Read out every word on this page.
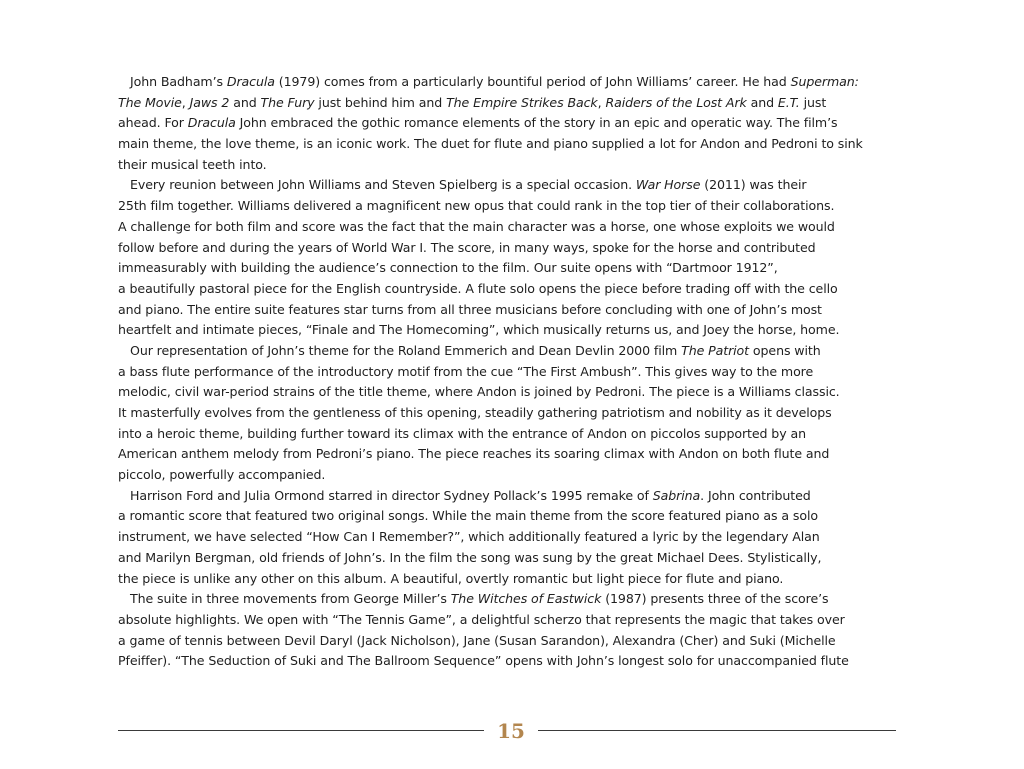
John Badham’s Dracula (1979) comes from a particularly bountiful period of John Williams’ career. He had Superman:
The Movie, Jaws 2 and The Fury just behind him and The Empire Strikes Back, Raiders of the Lost Ark and E.T. just
ahead. For Dracula John embraced the gothic romance elements of the story in an epic and operatic way. The film’s
main theme, the love theme, is an iconic work. The duet for flute and piano supplied a lot for Andon and Pedroni to sink
their musical teeth into.
Every reunion between John Williams and Steven Spielberg is a special occasion. War Horse (2011) was their
25th film together. Williams delivered a magnificent new opus that could rank in the top tier of their collaborations.
A challenge for both film and score was the fact that the main character was a horse, one whose exploits we would
follow before and during the years of World War I. The score, in many ways, spoke for the horse and contributed
immeasurably with building the audience’s connection to the film. Our suite opens with “Dartmoor 1912”,
a beautifully pastoral piece for the English countryside. A flute solo opens the piece before trading off with the cello
and piano. The entire suite features star turns from all three musicians before concluding with one of John’s most
heartfelt and intimate pieces, “Finale and The Homecoming”, which musically returns us, and Joey the horse, home.
Our representation of John’s theme for the Roland Emmerich and Dean Devlin 2000 film The Patriot opens with
a bass flute performance of the introductory motif from the cue “The First Ambush”. This gives way to the more
melodic, civil war-period strains of the title theme, where Andon is joined by Pedroni. The piece is a Williams classic.
It masterfully evolves from the gentleness of this opening, steadily gathering patriotism and nobility as it develops
into a heroic theme, building further toward its climax with the entrance of Andon on piccolos supported by an
American anthem melody from Pedroni’s piano. The piece reaches its soaring climax with Andon on both flute and
piccolo, powerfully accompanied.
Harrison Ford and Julia Ormond starred in director Sydney Pollack’s 1995 remake of Sabrina. John contributed
a romantic score that featured two original songs. While the main theme from the score featured piano as a solo
instrument, we have selected “How Can I Remember?”, which additionally featured a lyric by the legendary Alan
and Marilyn Bergman, old friends of John’s. In the film the song was sung by the great Michael Dees. Stylistically,
the piece is unlike any other on this album. A beautiful, overtly romantic but light piece for flute and piano.
The suite in three movements from George Miller’s The Witches of Eastwick (1987) presents three of the score’s
absolute highlights. We open with “The Tennis Game”, a delightful scherzo that represents the magic that takes over
a game of tennis between Devil Daryl (Jack Nicholson), Jane (Susan Sarandon), Alexandra (Cher) and Suki (Michelle
Pfeiffer). “The Seduction of Suki and The Ballroom Sequence” opens with John’s longest solo for unaccompanied flute
15
